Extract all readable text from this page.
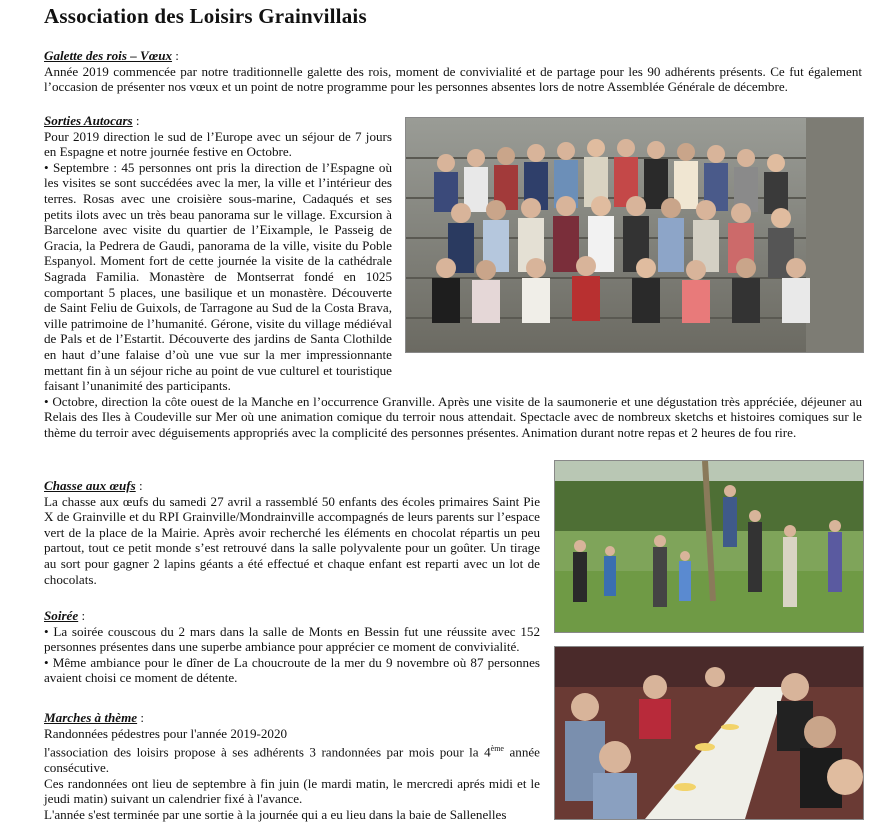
Association des Loisirs Grainvillais

Galette des rois – Vœux :

Année 2019 commencée par notre traditionnelle galette des rois, moment de convivialité et de partage pour les 90 adhérents présents. Ce fut également l’occasion de présenter nos vœux et un point de notre programme pour les personnes absentes lors de notre Assemblée Générale de décembre.

Sorties Autocars :

Pour 2019 direction le sud de l’Europe avec un séjour de 7 jours en Espagne et notre journée festive en Octobre.

• Septembre : 45 personnes ont pris la direction de l’Espagne où les visites se sont succédées avec la mer, la ville et l’intérieur des terres. Rosas avec une croisière sous-marine, Cadaqués et ses petits ilots avec un très beau panorama sur le village. Excursion à Barcelone avec visite du quartier de l’Eixample, le Passeig de Gracia, la Pedrera de Gaudi, panorama de la ville, visite du Poble Espanyol. Moment fort de cette journée la visite de la cathédrale Sagrada Familia. Monastère de Montserrat fondé en 1025 comportant 5 places, une basilique et un monastère. Découverte de Saint Feliu de Guixols, de Tarragone au Sud de la Costa Brava, ville patrimoine de l’humanité. Gérone, visite du village médiéval de Pals et de l’Estartit. Découverte des jardins de Santa Clothilde en haut d’une falaise d’où une vue sur la mer impressionnante mettant fin à un séjour riche au point de vue culturel et touristique faisant l’unanimité des participants.

• Octobre, direction la côte ouest de la Manche en l’occurrence Granville. Après une visite de la saumonerie et une dégustation très appréciée, déjeuner au Relais des Iles à Coudeville sur Mer où une animation comique du terroir nous attendait. Spectacle avec de nombreux sketchs et histoires comiques sur le thème du terroir avec déguisements appropriés avec la complicité des personnes présentes. Animation durant notre repas et 2 heures de fou rire.

Chasse aux œufs :

La chasse aux œufs du samedi 27 avril a rassemblé 50 enfants des écoles primaires Saint Pie X de Grainville et du RPI Grainville/Mondrainville accompagnés de leurs parents sur l’espace vert de la place de la Mairie. Après avoir recherché les éléments en chocolat répartis un peu partout, tout ce petit monde s’est retrouvé dans la salle polyvalente pour un goûter. Un tirage au sort pour gagner 2 lapins géants a été effectué et chaque enfant est reparti avec un lot de chocolats.

Soirée :

• La soirée couscous du 2 mars dans la salle de Monts en Bessin fut une réussite avec 152 personnes présentes dans une superbe ambiance pour apprécier ce moment de convivialité.

• Même ambiance pour le dîner de La choucroute de la mer du 9 novembre où 87 personnes avaient choisi ce moment de détente.

Marches à thème :

Randonnées pédestres pour l'année 2019-2020

l'association des loisirs propose à ses adhérents 3 randonnées par mois pour la 4ème année consécutive.

Ces randonnées ont lieu de septembre à fin juin (le mardi matin, le mercredi aprés midi et le jeudi matin) suivant un calendrier fixé à l'avance.

L'année s'est terminée par une sortie à la journée qui a eu lieu dans la baie de Sallenelles
